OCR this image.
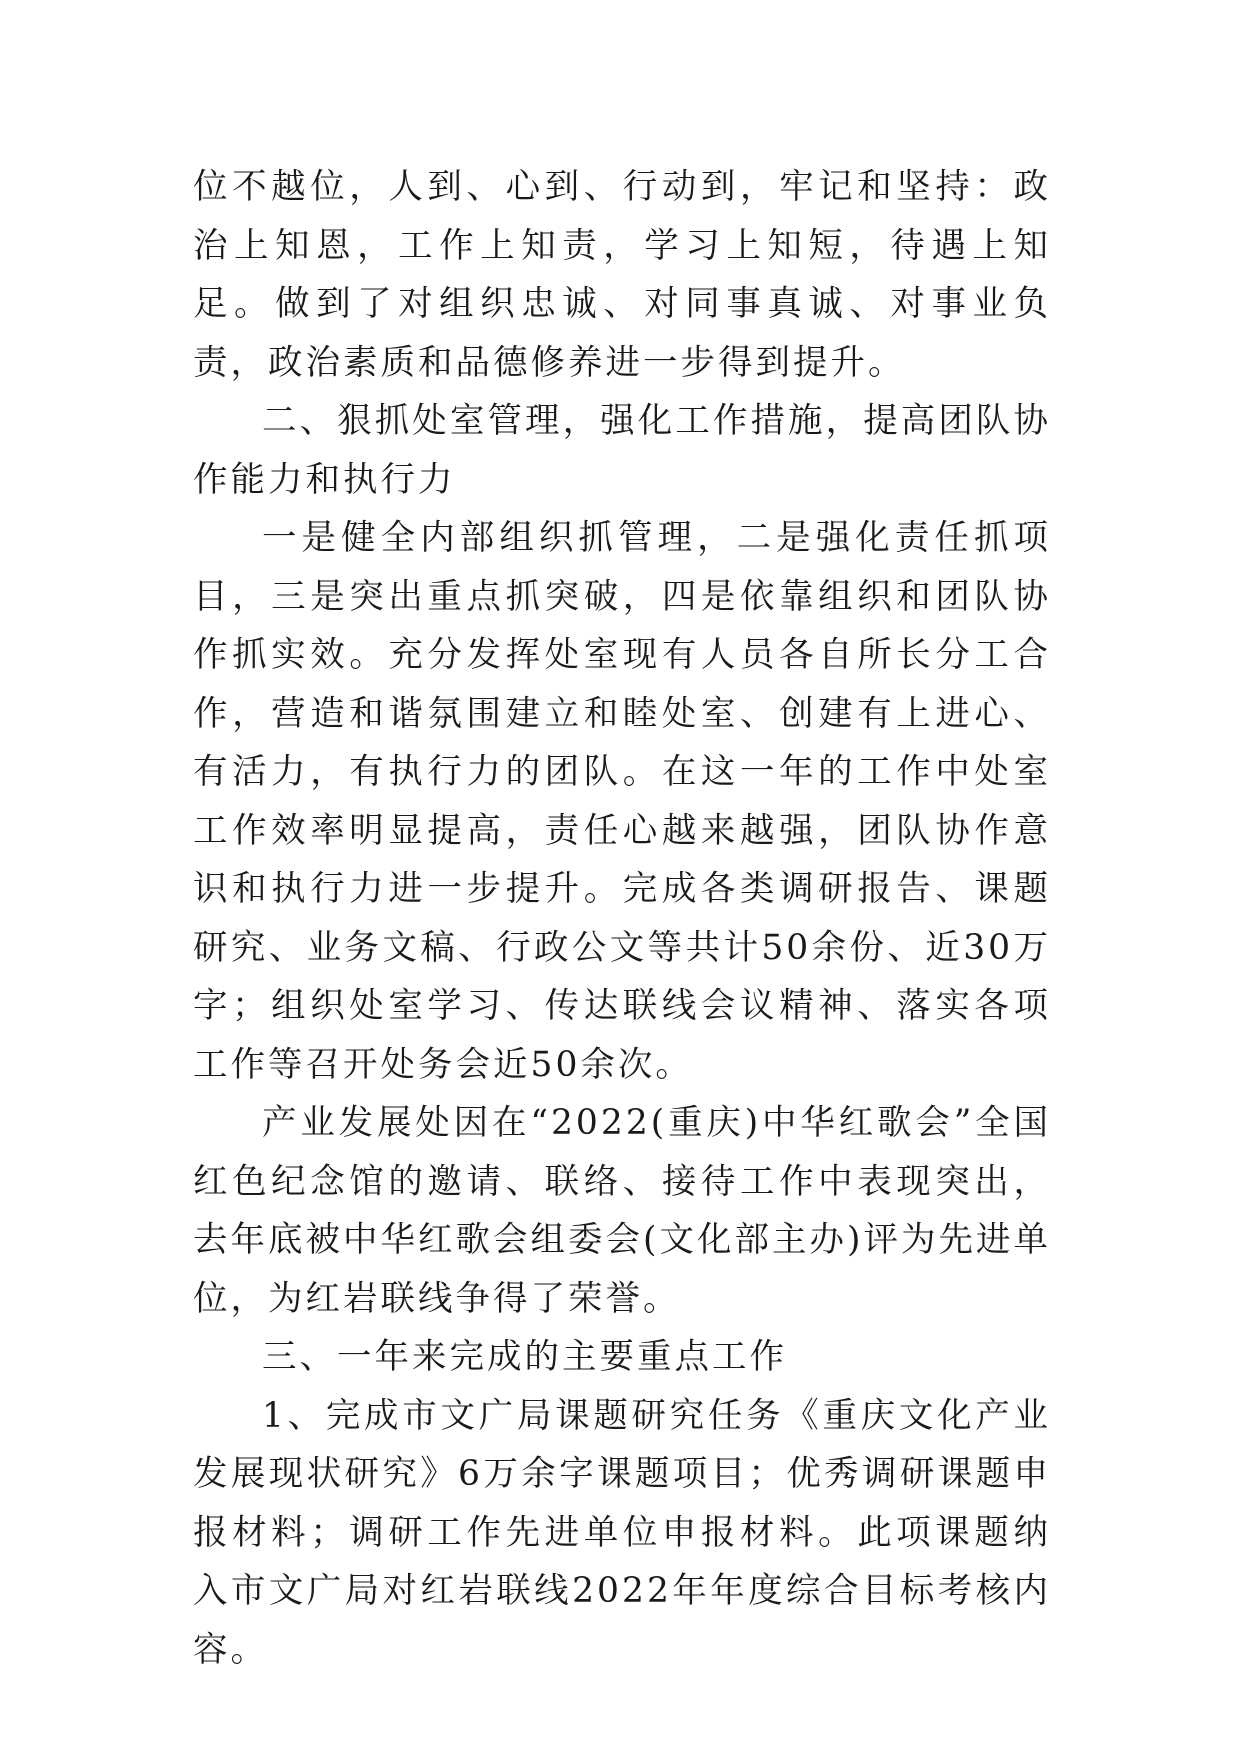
位不越位，人到、心到、行动到，牢记和坚持：政治上知恩，工作上知责，学习上知短，待遇上知足。做到了对组织忠诚、对同事真诚、对事业负责，政治素质和品德修养进一步得到提升。

二、狠抓处室管理，强化工作措施，提高团队协作能力和执行力

一是健全内部组织抓管理，二是强化责任抓项目，三是突出重点抓突破，四是依靠组织和团队协作抓实效。充分发挥处室现有人员各自所长分工合作，营造和谐氛围建立和睦处室、创建有上进心、有活力，有执行力的团队。在这一年的工作中处室工作效率明显提高，责任心越来越强，团队协作意识和执行力进一步提升。完成各类调研报告、课题研究、业务文稿、行政公文等共计50余份、近30万字；组织处室学习、传达联线会议精神、落实各项工作等召开处务会近50余次。

产业发展处因在“2022(重庆)中华红歌会”全国红色纪念馆的邀请、联络、接待工作中表现突出，去年底被中华红歌会组委会(文化部主办)评为先进单位，为红岩联线争得了荣誉。

三、一年来完成的主要重点工作

1、完成市文广局课题研究任务《重庆文化产业发展现状研究》6万余字课题项目；优秀调研课题申报材料；调研工作先进单位申报材料。此项课题纳入市文广局对红岩联线2022年年度综合目标考核内容。
